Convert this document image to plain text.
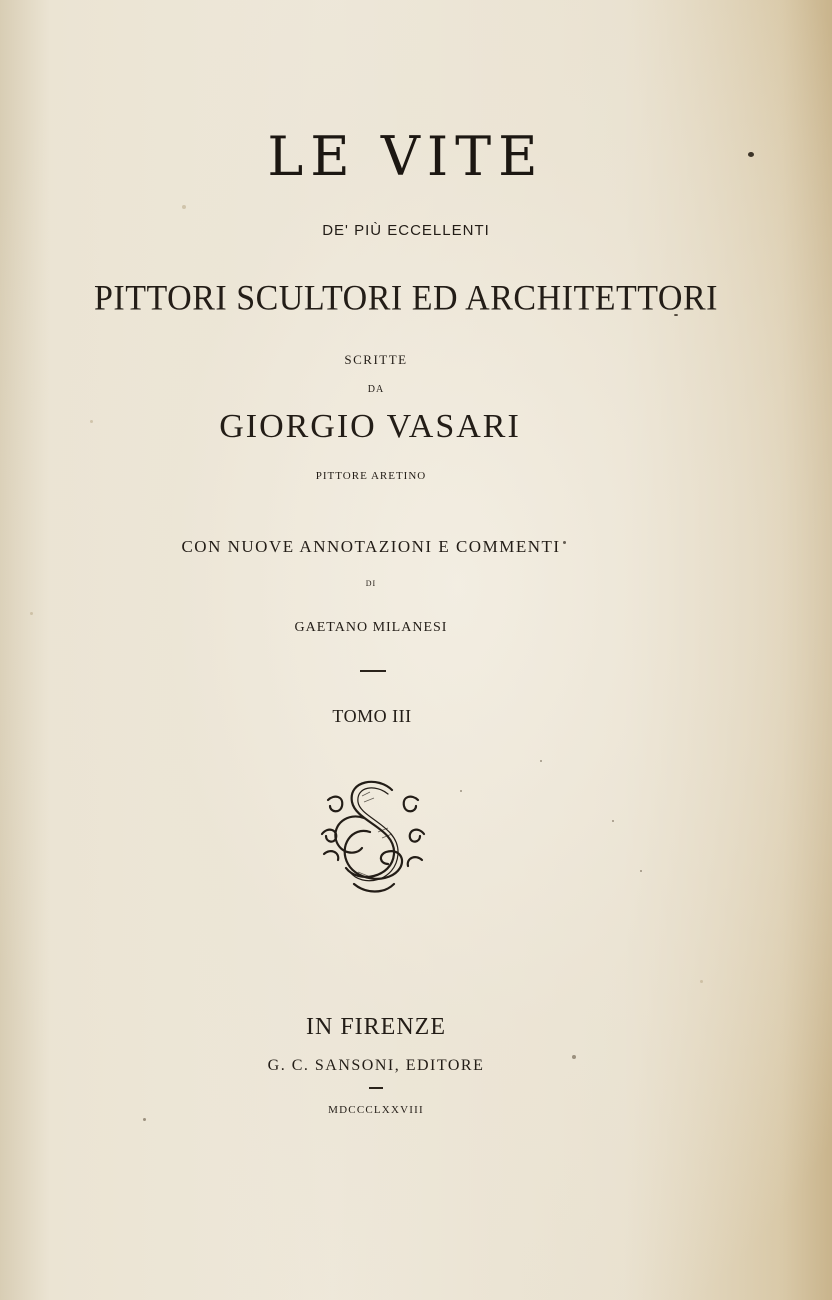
LE VITE
DE' PIÙ ECCELLENTI
PITTORI SCULTORI ED ARCHITETTORI
SCRITTE
DA
GIORGIO VASARI
PITTORE ARETINO
CON NUOVE ANNOTAZIONI E COMMENTI
DI
GAETANO MILANESI
TOMO III
IN FIRENZE
G. C. SANSONI, EDITORE
MDCCCLXXVIII
